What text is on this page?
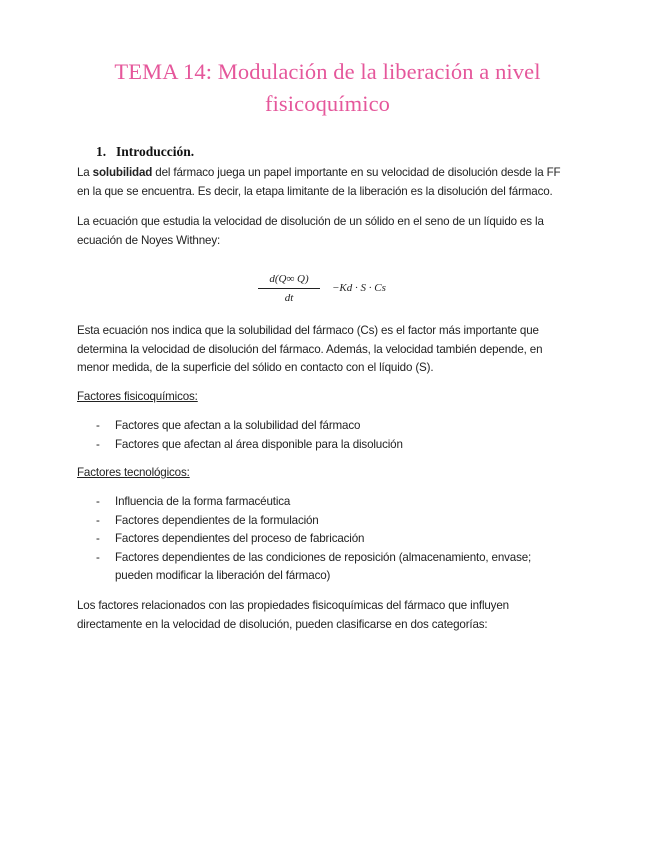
TEMA 14: Modulación de la liberación a nivel
fisicoquímico
1. Introducción.
La solubilidad del fármaco juega un papel importante en su velocidad de disolución desde la FF
en la que se encuentra. Es decir, la etapa limitante de la liberación es la disolución del fármaco.
La ecuación que estudia la velocidad de disolución de un sólido en el seno de un líquido es la
ecuación de Noyes Withney:
d(Q∞ Q)
dt
−Kd · S · Cs
Esta ecuación nos indica que la solubilidad del fármaco (Cs) es el factor más importante que
determina la velocidad de disolución del fármaco. Además, la velocidad también depende, en
menor medida, de la superficie del sólido en contacto con el líquido (S).
Factores fisicoquímicos:
- Factores que afectan a la solubilidad del fármaco
- Factores que afectan al área disponible para la disolución
Factores tecnológicos:
- Influencia de la forma farmacéutica
- Factores dependientes de la formulación
- Factores dependientes del proceso de fabricación
- Factores dependientes de las condiciones de reposición (almacenamiento, envase;
pueden modificar la liberación del fármaco)
Los factores relacionados con las propiedades fisicoquímicas del fármaco que influyen
directamente en la velocidad de disolución, pueden clasificarse en dos categorías:
